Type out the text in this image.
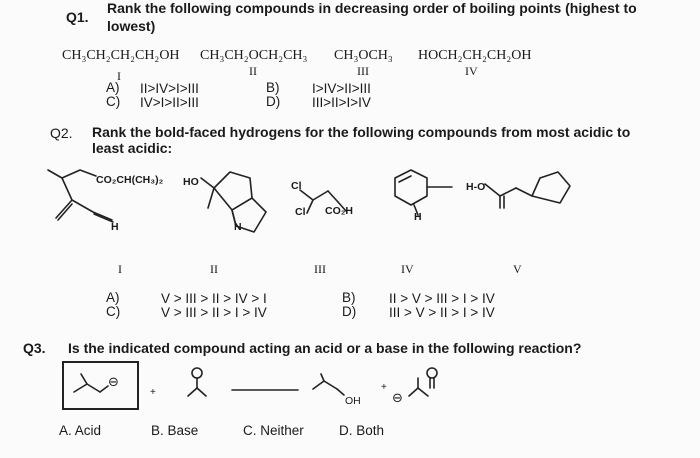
Q1.
Rank the following compounds in decreasing order of boiling points (highest to
lowest)
CH₃CH₂CH₂CH₂OH CH₃CH₂OCH₂CH₃ CH₃OCH₃ HOCH₂CH₂CH₂OH
I	II	III	IV
A) II>IV>I>III
C) IV>I>II>III
B) I>IV>II>III
D) III>II>I>IV
Q2. Rank the bold-faced hydrogens for the following compounds from most acidic to
least acidic:
CO₂CH(CH₃)₂
H
HO
N
Cl
Cl CO₂H	H
H-O
I	II	III	IV	V
A)	V > III > II > IV > I
C)	V > III > II > I > IV
B) II > V > III > I > IV
D) III > V > II > I > IV
Q3. Is the indicated compound acting an acid or a base in the following reaction?
⊖
+
OH
+
⊖
A. Acid	B. Base	C. Neither	D. Both
